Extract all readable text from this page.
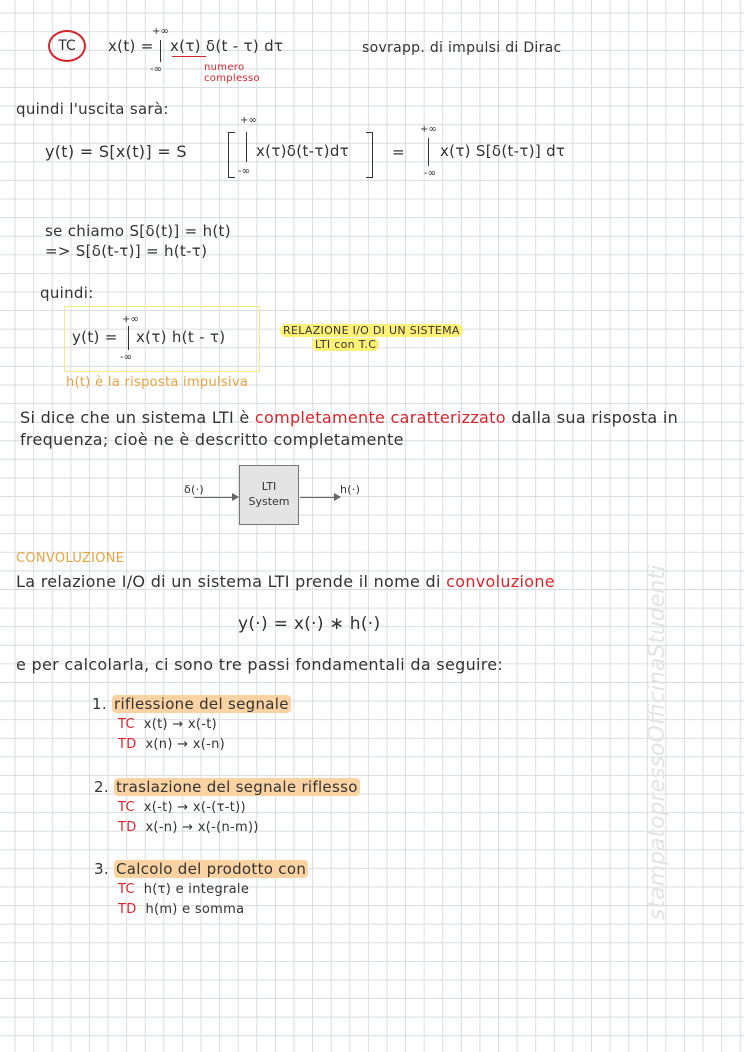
TC	x(t) =
+∞
-∞
x(τ) δ(t - τ) dτ
numero complesso
sovrapp. di impulsi di Dirac
quindi l'uscita sarà:
y(t) = S[x(t)] = S
+∞
-∞
x(τ)δ(t-τ)dτ	=
+∞
-∞
x(τ) S[δ(t-τ)] dτ
se chiamo S[δ(t)] = h(t)
=> S[δ(t-τ)] = h(t-τ)
quindi:
y(t) =
+∞
-∞
x(τ) h(t - τ)	RELAZIONE I/O DI UN SISTEMA
LTI con T.C
h(t) è la risposta impulsiva
Si dice che un sistema LTI è completamente caratterizzato dalla sua risposta in
frequenza; cioè ne è descritto completamente
δ(·)	LTI
System
h(·)
CONVOLUZIONE
La relazione I/O di un sistema LTI prende il nome di convoluzione
y(·) = x(·) ∗ h(·)
e per calcolarla, ci sono tre passi fondamentali da seguire:
1. riflessione del segnale
TC x(t) → x(-t)
TD x(n) → x(-n)
2. traslazione del segnale riflesso
TC x(-t) → x(-(τ-t))
TD x(-n) → x(-(n-m))
3. Calcolo del prodotto con
TC h(τ) e integrale
TD h(m) e somma	stampatopressoOfficinaStudenti
